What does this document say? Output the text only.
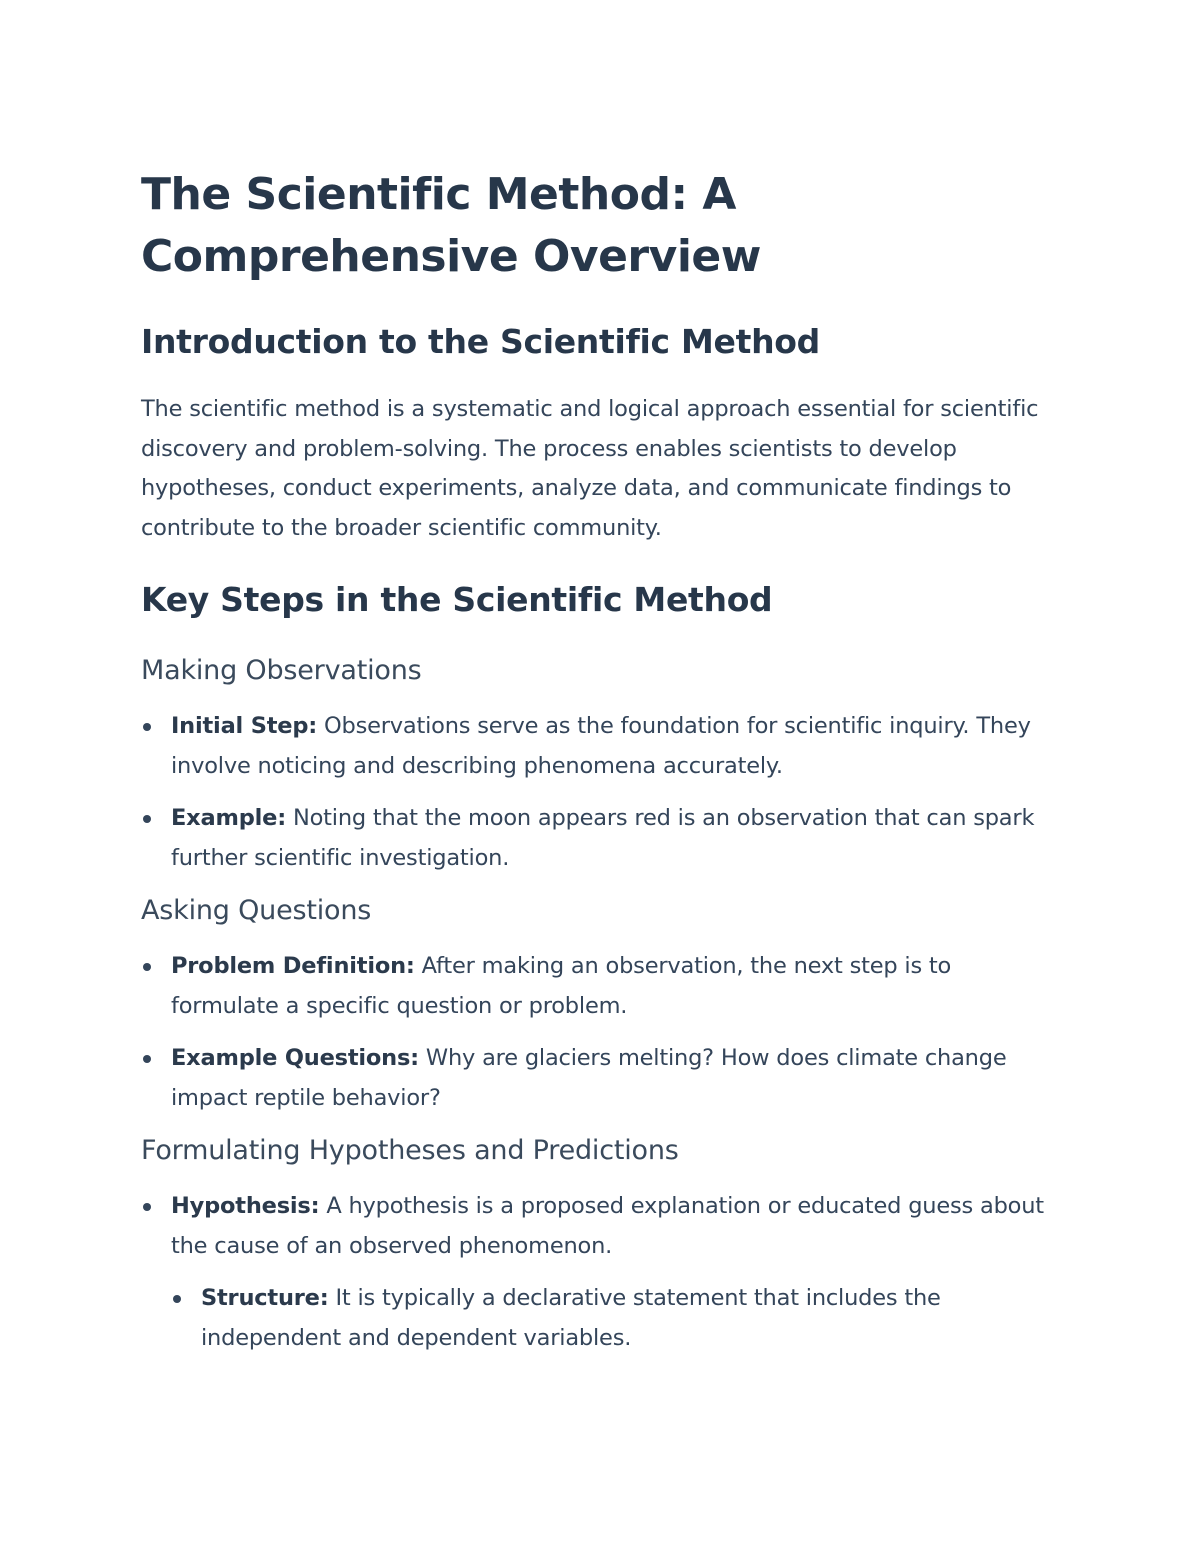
The Scientific Method: A Comprehensive Overview
Introduction to the Scientific Method

The scientific method is a systematic and logical approach essential for scientific discovery and problem-solving. The process enables scientists to develop hypotheses, conduct experiments, analyze data, and communicate findings to contribute to the broader scientific community.

Key Steps in the Scientific Method
Making Observations
Initial Step: Observations serve as the foundation for scientific inquiry. They involve noticing and describing phenomena accurately.
Example: Noting that the moon appears red is an observation that can spark further scientific investigation.
Asking Questions
Problem Definition: After making an observation, the next step is to formulate a specific question or problem.
Example Questions: Why are glaciers melting? How does climate change impact reptile behavior?
Formulating Hypotheses and Predictions
Hypothesis: A hypothesis is a proposed explanation or educated guess about the cause of an observed phenomenon.
Structure: It is typically a declarative statement that includes the independent and dependent variables.
